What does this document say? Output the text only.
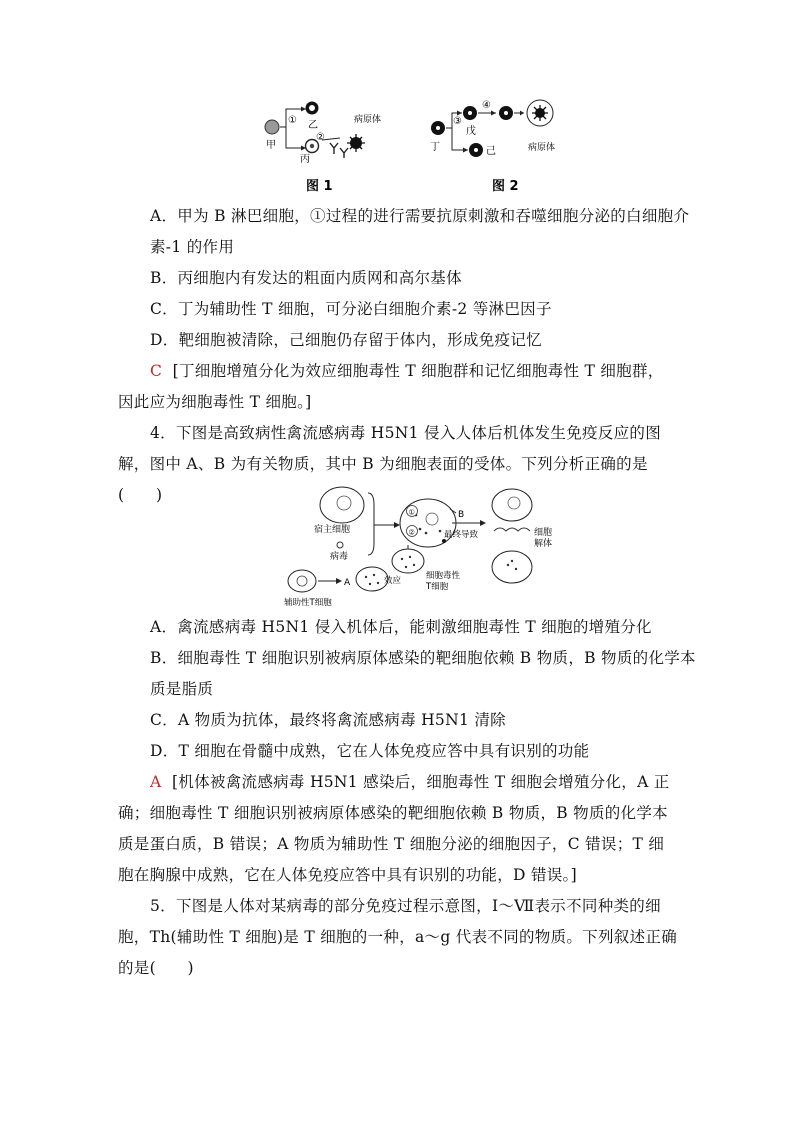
甲
① 乙
②
丙
病原体
图 1
丁
③
④
戊
己	病原体
图 2

A．甲为 B 淋巴细胞，①过程的进行需要抗原刺激和吞噬细胞分泌的白细胞介素-1 的作用

B．丙细胞内有发达的粗面内质网和高尔基体

C．丁为辅助性 T 细胞，可分泌白细胞介素-2 等淋巴因子

D．靶细胞被清除，己细胞仍存留于体内，形成免疫记忆

C [丁细胞增殖分化为效应细胞毒性 T 细胞群和记忆细胞毒性 T 细胞群，因此应为细胞毒性 T 细胞。]

4．下图是高致病性禽流感病毒 H5N1 侵入人体后机体发生免疫反应的图解，图中 A、B 为有关物质，其中 B 为细胞表面的受体。下列分析正确的是(　　)

宿主细胞
病毒
①
②
B
最终导致	细胞
解体
效应	细胞毒性
T细胞
A
辅助性T细胞

A．禽流感病毒 H5N1 侵入机体后，能刺激细胞毒性 T 细胞的增殖分化

B．细胞毒性 T 细胞识别被病原体感染的靶细胞依赖 B 物质，B 物质的化学本质是脂质

C．A 物质为抗体，最终将禽流感病毒 H5N1 清除

D．T 细胞在骨髓中成熟，它在人体免疫应答中具有识别的功能

A [机体被禽流感病毒 H5N1 感染后，细胞毒性 T 细胞会增殖分化，A 正确；细胞毒性 T 细胞识别被病原体感染的靶细胞依赖 B 物质，B 物质的化学本质是蛋白质，B 错误；A 物质为辅助性 T 细胞分泌的细胞因子，C 错误；T 细胞在胸腺中成熟，它在人体免疫应答中具有识别的功能，D 错误。]

5．下图是人体对某病毒的部分免疫过程示意图，Ⅰ～Ⅶ表示不同种类的细胞，Th(辅助性 T 细胞)是 T 细胞的一种，a～g 代表不同的物质。下列叙述正确的是(　　)
